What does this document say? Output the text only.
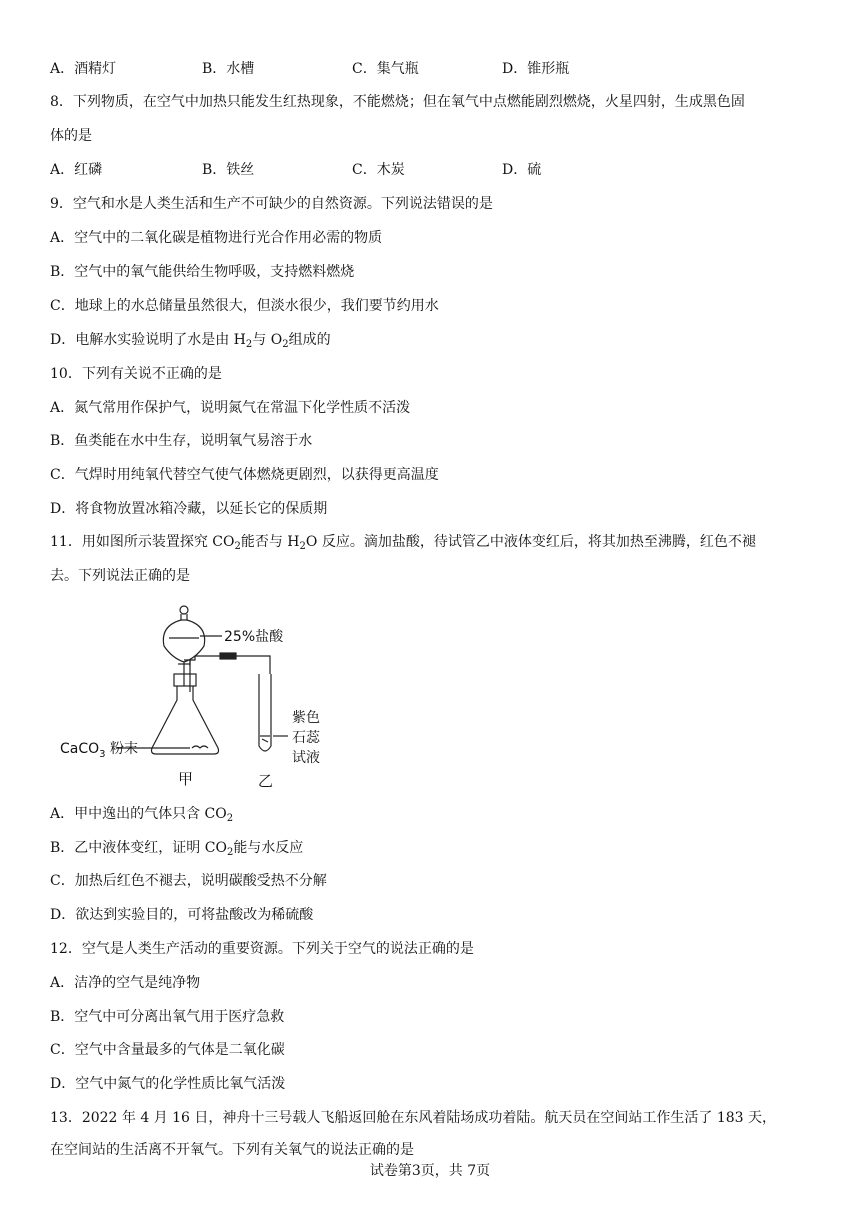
A．酒精灯	B．水槽	C．集气瓶	D．锥形瓶
8．下列物质，在空气中加热只能发生红热现象，不能燃烧；但在氧气中点燃能剧烈燃烧，火星四射，生成黑色固
体的是
A．红磷	B．铁丝	C．木炭	D．硫
9．空气和水是人类生活和生产不可缺少的自然资源。下列说法错误的是
A．空气中的二氧化碳是植物进行光合作用必需的物质
B．空气中的氧气能供给生物呼吸，支持燃料燃烧
C．地球上的水总储量虽然很大，但淡水很少，我们要节约用水
D．电解水实验说明了水是由 $H_2$与 $O_2$组成的
10．下列有关说不正确的是
A．氮气常用作保护气，说明氮气在常温下化学性质不活泼
B．鱼类能在水中生存，说明氧气易溶于水
C．气焊时用纯氧代替空气使气体燃烧更剧烈，以获得更高温度
D．将食物放置冰箱冷藏，以延长它的保质期
11．用如图所示装置探究 $CO_2$能否与 $H_2O$ 反应。滴加盐酸，待试管乙中液体变红后，将其加热至沸腾，红色不褪
去。下列说法正确的是
25%盐酸
CaCO$_3$ 粉末
紫色
石蕊
试液
甲	乙
A．甲中逸出的气体只含 $CO_2$
B．乙中液体变红，证明 $CO_2$能与水反应
C．加热后红色不褪去，说明碳酸受热不分解
D．欲达到实验目的，可将盐酸改为稀硫酸
12．空气是人类生产活动的重要资源。下列关于空气的说法正确的是
A．洁净的空气是纯净物
B．空气中可分离出氧气用于医疗急救
C．空气中含量最多的气体是二氧化碳
D．空气中氮气的化学性质比氧气活泼
13．2022 年 4 月 16 日，神舟十三号载人飞船返回舱在东风着陆场成功着陆。航天员在空间站工作生活了 183 天，
在空间站的生活离不开氧气。下列有关氧气的说法正确的是
试卷第3页，共 7页
